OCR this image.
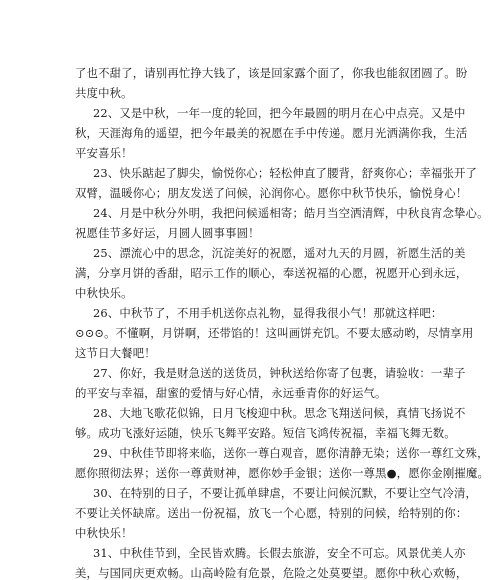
了也不甜了，请别再忙挣大钱了，该是回家露个面了，你我也能叙团圆了。盼
共度中秋。
22、又是中秋，一年一度的轮回，把今年最圆的明月在心中点亮。又是中
秋，天涯海角的遥望，把今年最美的祝愿在手中传递。愿月光洒满你我，生活
平安喜乐！
23、快乐踮起了脚尖，愉悦你心；轻松伸直了腰背，舒爽你心；幸福张开了
双臂，温暖你心；朋友发送了问候，沁润你心。愿你中秋节快乐，愉悦身心！
24、月是中秋分外明，我把问候遥相寄；皓月当空洒清辉，中秋良宵念挚心。
祝愿佳节多好运，月圆人圆事事圆！
25、漂流心中的思念，沉淀美好的祝愿，遥对九天的月圆，祈愿生活的美
满，分享月饼的香甜，昭示工作的顺心，奉送祝福的心愿，祝愿开心到永远，
中秋快乐。
26、中秋节了，不用手机送你点礼物，显得我很小气！那就这样吧：
⊙⊙⊙。不懂啊，月饼啊，还带馅的！这叫画饼充饥。不要太感动哟，尽情享用
这节日大餐吧！
27、你好，我是财急送的送货员，钟秋送给你寄了包裹，请验收：一辈子
的平安与幸福，甜蜜的爱情与好心情，永远垂青你的好运气。
28、大地飞歌花似锦，日月飞梭迎中秋。思念飞翔送问候，真情飞扬说不
够。成功飞涨好运随，快乐飞舞平安路。短信飞鸿传祝福，幸福飞舞无数。
29、中秋佳节即将来临，送你一尊白观音，愿你清静无染；送你一尊红文殊，
愿你照彻法界；送你一尊黄财神，愿你妙手金银；送你一尊黑●，愿你金刚摧魔。
30、在特别的日子，不要让孤单肆虐，不要让问候沉默，不要让空气冷清，
不要让关怀缺席。送出一份祝福，放飞一个心愿，特别的问候，给特别的你：
中秋快乐！
31、中秋佳节到，全民皆欢腾。长假去旅游，安全不可忘。风景优美人亦
美，与国同庆更欢畅。山高岭险有危景，危险之处莫要望。愿你中秋心欢畅，
